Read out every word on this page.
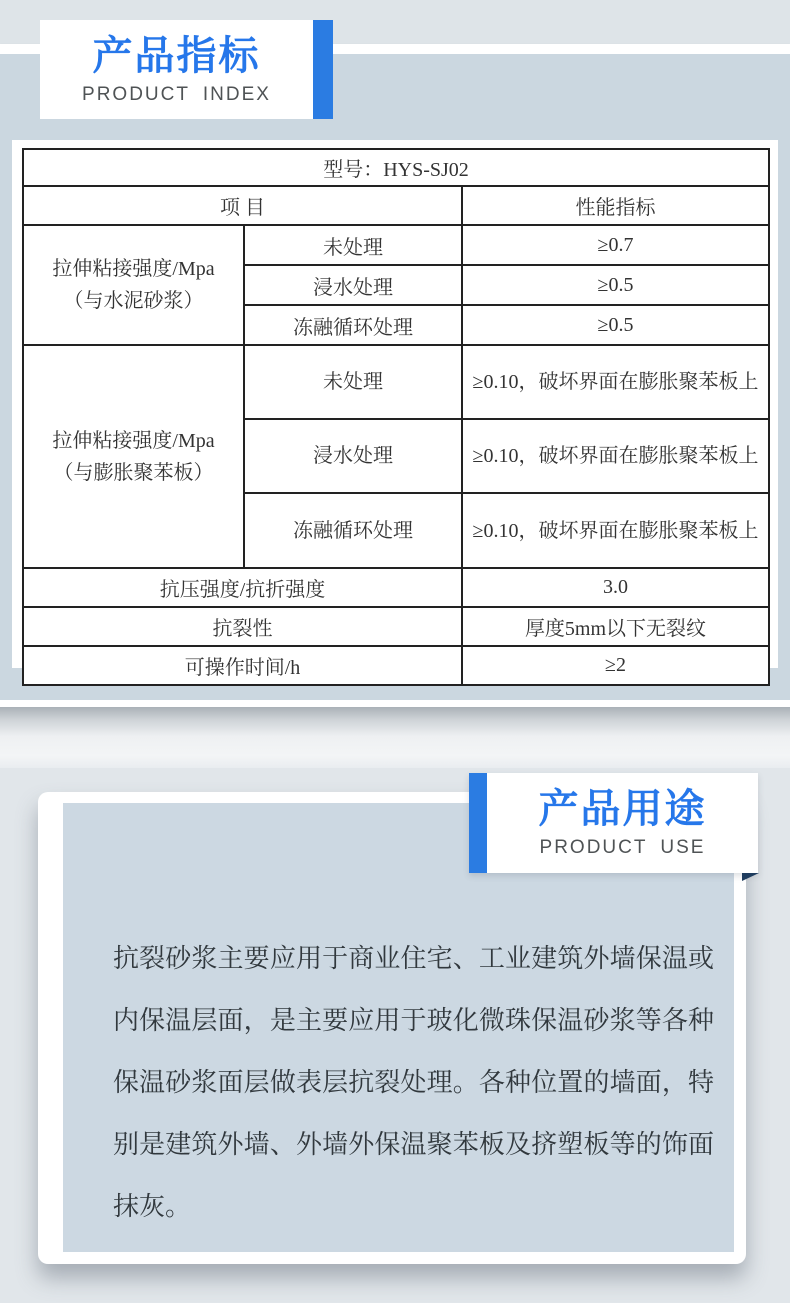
产品指标
PRODUCT INDEX
型号：HYS-SJ02		
项 目		性能指标

拉伸粘接强度/Mpa
（与水泥砂浆）	未处理	≥0.7
	浸水处理	≥0.5
	冻融循环处理	≥0.5

拉伸粘接强度/Mpa
（与膨胀聚苯板）	未处理	≥0.10，破坏界面在膨胀聚苯板上
	浸水处理	≥0.10，破坏界面在膨胀聚苯板上
	冻融循环处理	≥0.10，破坏界面在膨胀聚苯板上
抗压强度/抗折强度		3.0
抗裂性		厚度5mm以下无裂纹
可操作时间/h		≥2

抗裂砂浆主要应用于商业住宅、工业建筑外墙保温或内保温层面，是主要应用于玻化微珠保温砂浆等各种保温砂浆面层做表层抗裂处理。各种位置的墙面，特别是建筑外墙、外墙外保温聚苯板及挤塑板等的饰面抹灰。

产品用途
PRODUCT USE
